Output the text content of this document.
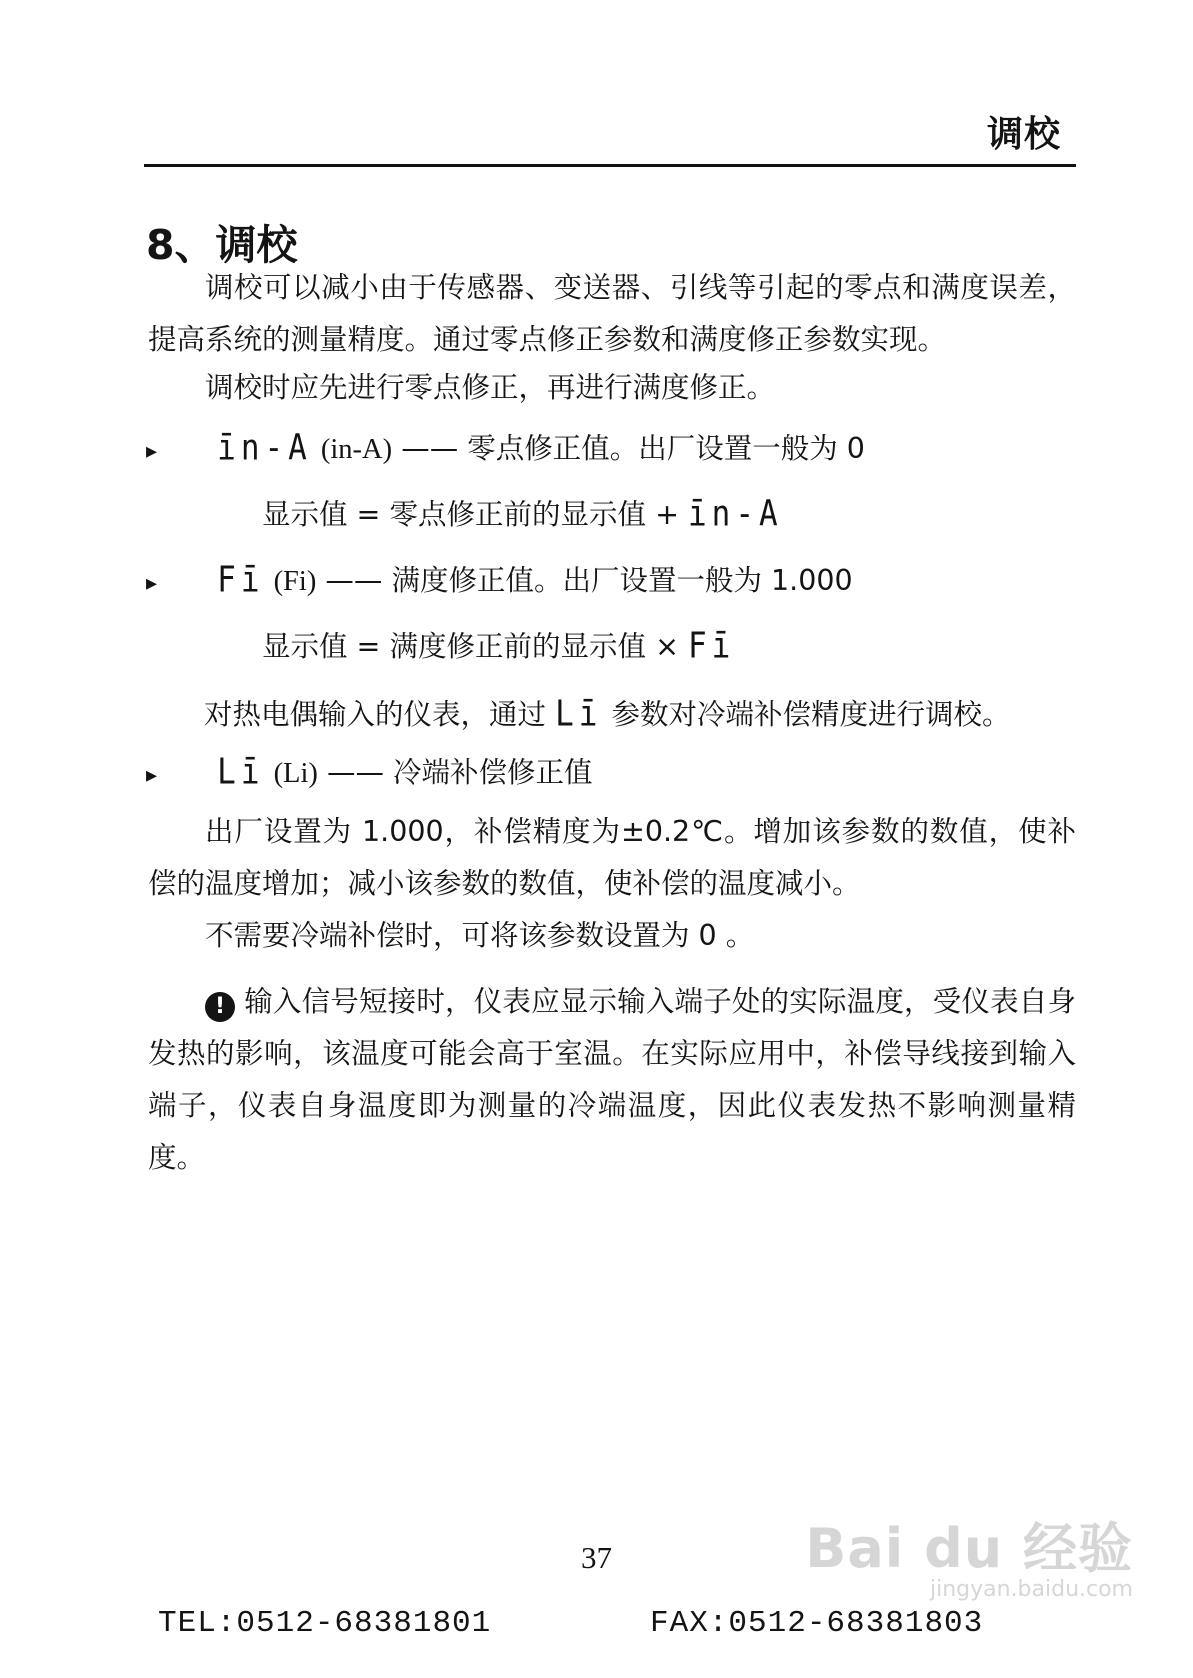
调校
8、调校
调校可以减小由于传感器、变送器、引线等引起的零点和满度误差，提高系统的测量精度。通过零点修正参数和满度修正参数实现。
调校时应先进行零点修正，再进行满度修正。
▸ īn-A (in-A) —— 零点修正值。出厂设置一般为 0
显示值 = 零点修正前的显示值 + īn-A
▸ Fī (Fi) —— 满度修正值。出厂设置一般为 1.000
显示值 = 满度修正前的显示值 × Fī
对热电偶输入的仪表，通过 Lī 参数对冷端补偿精度进行调校。
▸ Lī (Li) —— 冷端补偿修正值
出厂设置为 1.000，补偿精度为±0.2℃。增加该参数的数值，使补偿的温度增加；减小该参数的数值，使补偿的温度减小。
不需要冷端补偿时，可将该参数设置为 0 。
! 输入信号短接时，仪表应显示输入端子处的实际温度，受仪表自身发热的影响，该温度可能会高于室温。在实际应用中，补偿导线接到输入端子，仪表自身温度即为测量的冷端温度，因此仪表发热不影响测量精度。
37
TEL:0512-68381801	FAX:0512-68381803
Bai du 经验
jingyan.baidu.com
